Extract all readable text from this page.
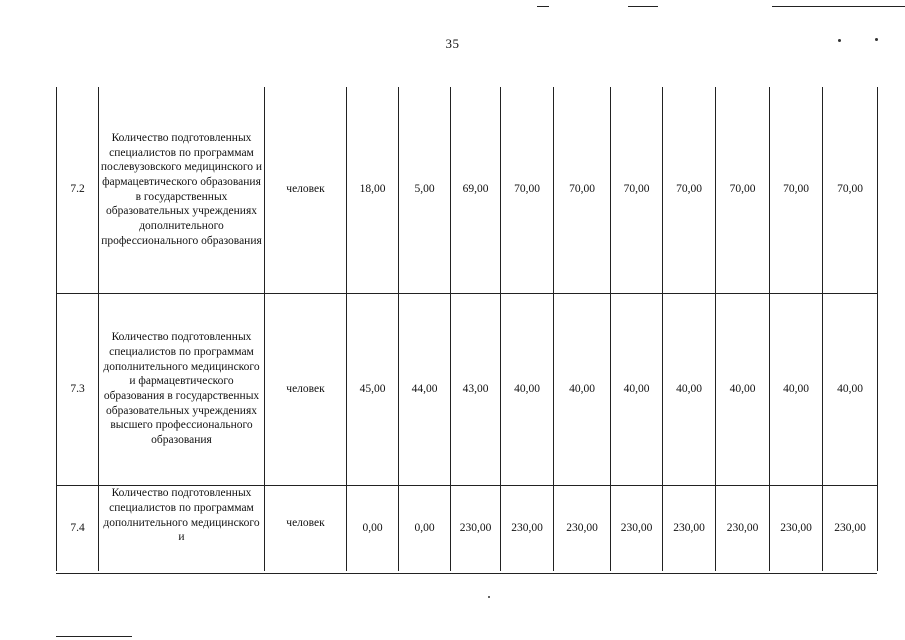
35
7.2	Количество подготовленных специалистов по программам послевузовского медицинского и фармацевтического образования в государственных образовательных учреждениях дополнительного профессионального образования	человек	18,00	5,00	69,00	70,00	70,00	70,00	70,00	70,00	70,00	70,00
7.3	Количество подготовленных специалистов по программам дополнительного медицинского и фармацевтического образования в государственных образовательных учреждениях высшего профессионального образования	человек	45,00	44,00	43,00	40,00	40,00	40,00	40,00	40,00	40,00	40,00
7.4	Количество подготовленных специалистов по программам дополнительного медицинского и	человек	0,00	0,00	230,00	230,00	230,00	230,00	230,00	230,00	230,00	230,00
